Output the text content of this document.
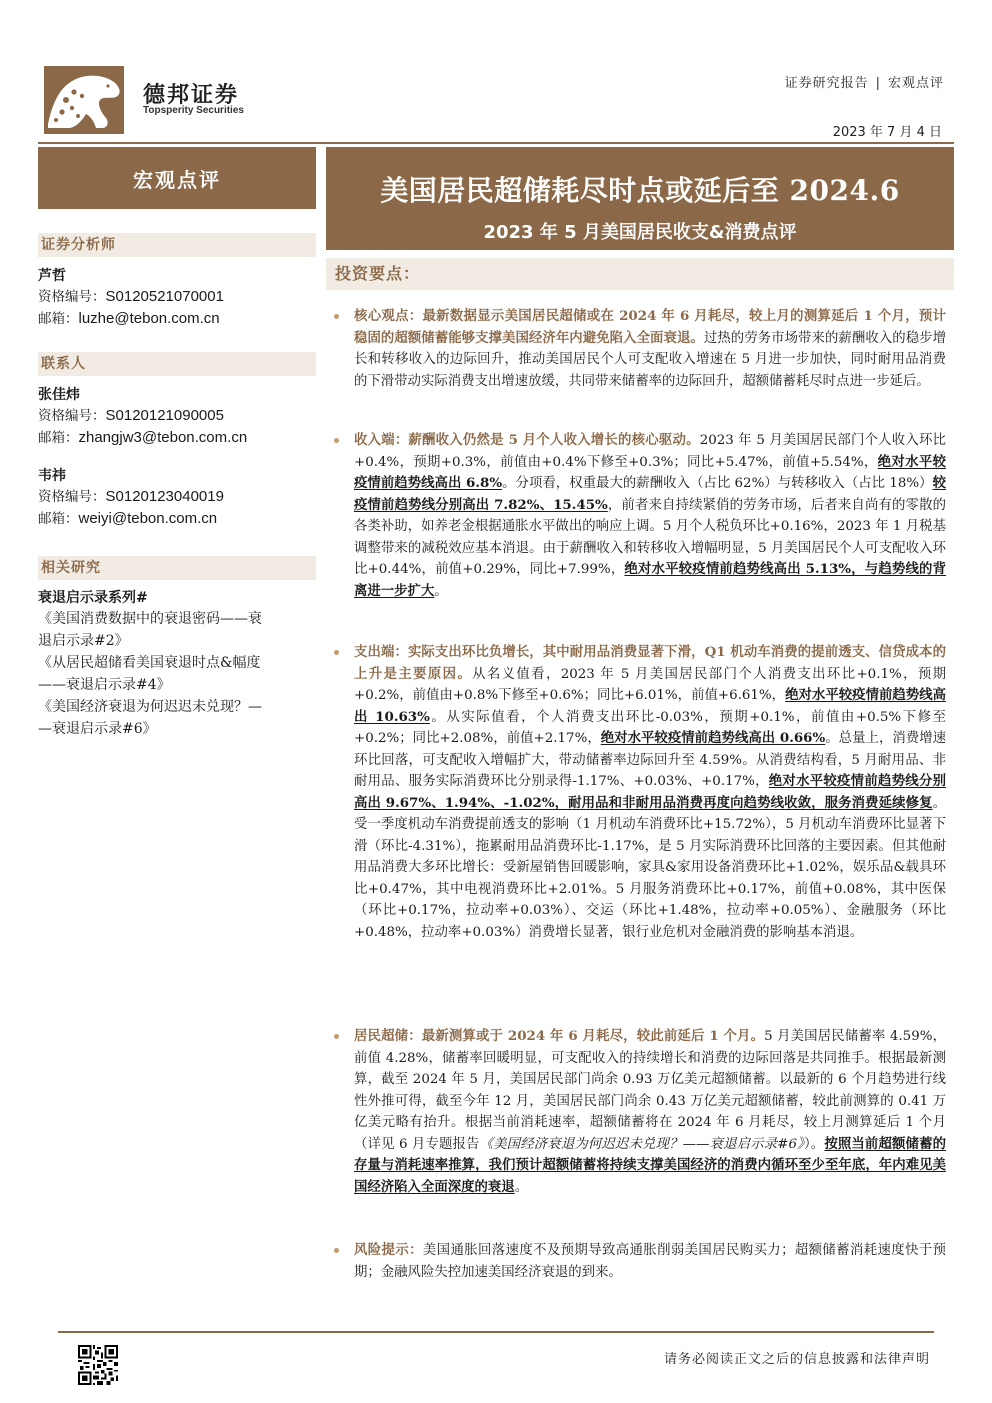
德邦证券
Topsperity Securities
证券研究报告 | 宏观点评
2023 年 7 月 4 日
宏观点评	美国居民超储耗尽时点或延后至 2024.6
2023 年 5 月美国居民收支&消费点评
证券分析师
芦哲
资格编号：S0120521070001
邮箱：luzhe@tebon.com.cn
联系人
张佳炜
资格编号：S0120121090005
邮箱：zhangjw3@tebon.com.cn
韦祎
资格编号：S0120123040019
邮箱：weiyi@tebon.com.cn
相关研究
衰退启示录系列#
《美国消费数据中的衰退密码——衰
退启示录#2》
《从居民超储看美国衰退时点&幅度
——衰退启示录#4》
《美国经济衰退为何迟迟未兑现？—
—衰退启示录#6》
投资要点：
核心观点：最新数据显示美国居民超储或在 2024 年 6 月耗尽，较上月的测算延后 1 个月，预计稳固的超额储蓄能够支撑美国经济年内避免陷入全面衰退。过热的劳务市场带来的薪酬收入的稳步增长和转移收入的边际回升，推动美国居民个人可支配收入增速在 5 月进一步加快，同时耐用品消费的下滑带动实际消费支出增速放缓，共同带来储蓄率的边际回升，超额储蓄耗尽时点进一步延后。
收入端：薪酬收入仍然是 5 月个人收入增长的核心驱动。2023 年 5 月美国居民部门个人收入环比+0.4%，预期+0.3%，前值由+0.4%下修至+0.3%；同比+5.47%，前值+5.54%，绝对水平较疫情前趋势线高出 6.8%。分项看，权重最大的薪酬收入（占比 62%）与转移收入（占比 18%）较疫情前趋势线分别高出 7.82%、15.45%，前者来自持续紧俏的劳务市场，后者来自尚有的零散的各类补助，如养老金根据通胀水平做出的响应上调。5 月个人税负环比+0.16%，2023 年 1 月税基调整带来的减税效应基本消退。由于薪酬收入和转移收入增幅明显，5 月美国居民个人可支配收入环比+0.44%，前值+0.29%，同比+7.99%，绝对水平较疫情前趋势线高出 5.13%，与趋势线的背离进一步扩大。
支出端：实际支出环比负增长，其中耐用品消费显著下滑，Q1 机动车消费的提前透支、信贷成本的上升是主要原因。从名义值看，2023 年 5 月美国居民部门个人消费支出环比+0.1%，预期+0.2%，前值由+0.8%下修至+0.6%；同比+6.01%，前值+6.61%，绝对水平较疫情前趋势线高出 10.63%。从实际值看，个人消费支出环比-0.03%，预期+0.1%，前值由+0.5%下修至+0.2%；同比+2.08%，前值+2.17%，绝对水平较疫情前趋势线高出 0.66%。总量上，消费增速环比回落，可支配收入增幅扩大，带动储蓄率边际回升至 4.59%。从消费结构看，5 月耐用品、非耐用品、服务实际消费环比分别录得-1.17%、+0.03%、+0.17%，绝对水平较疫情前趋势线分别高出 9.67%、1.94%、-1.02%，耐用品和非耐用品消费再度向趋势线收敛，服务消费延续修复。受一季度机动车消费提前透支的影响（1 月机动车消费环比+15.72%），5 月机动车消费环比显著下滑（环比-4.31%），拖累耐用品消费环比-1.17%，是 5 月实际消费环比回落的主要因素。但其他耐用品消费大多环比增长：受新屋销售回暖影响，家具&家用设备消费环比+1.02%，娱乐品&载具环比+0.47%，其中电视消费环比+2.01%。5 月服务消费环比+0.17%，前值+0.08%，其中医保（环比+0.17%，拉动率+0.03%）、交运（环比+1.48%，拉动率+0.05%）、金融服务（环比+0.48%，拉动率+0.03%）消费增长显著，银行业危机对金融消费的影响基本消退。
居民超储：最新测算或于 2024 年 6 月耗尽，较此前延后 1 个月。5 月美国居民储蓄率 4.59%，前值 4.28%，储蓄率回暖明显，可支配收入的持续增长和消费的边际回落是共同推手。根据最新测算，截至 2024 年 5 月，美国居民部门尚余 0.93 万亿美元超额储蓄。以最新的 6 个月趋势进行线性外推可得，截至今年 12 月，美国居民部门尚余 0.43 万亿美元超额储蓄，较此前测算的 0.41 万亿美元略有抬升。根据当前消耗速率，超额储蓄将在 2024 年 6 月耗尽，较上月测算延后 1 个月（详见 6 月专题报告《美国经济衰退为何迟迟未兑现？——衰退启示录#6》）。按照当前超额储蓄的存量与消耗速率推算，我们预计超额储蓄将持续支撑美国经济的消费内循环至少至年底，年内难见美国经济陷入全面深度的衰退。
风险提示：美国通胀回落速度不及预期导致高通胀削弱美国居民购买力；超额储蓄消耗速度快于预期；金融风险失控加速美国经济衰退的到来。
请务必阅读正文之后的信息披露和法律声明
